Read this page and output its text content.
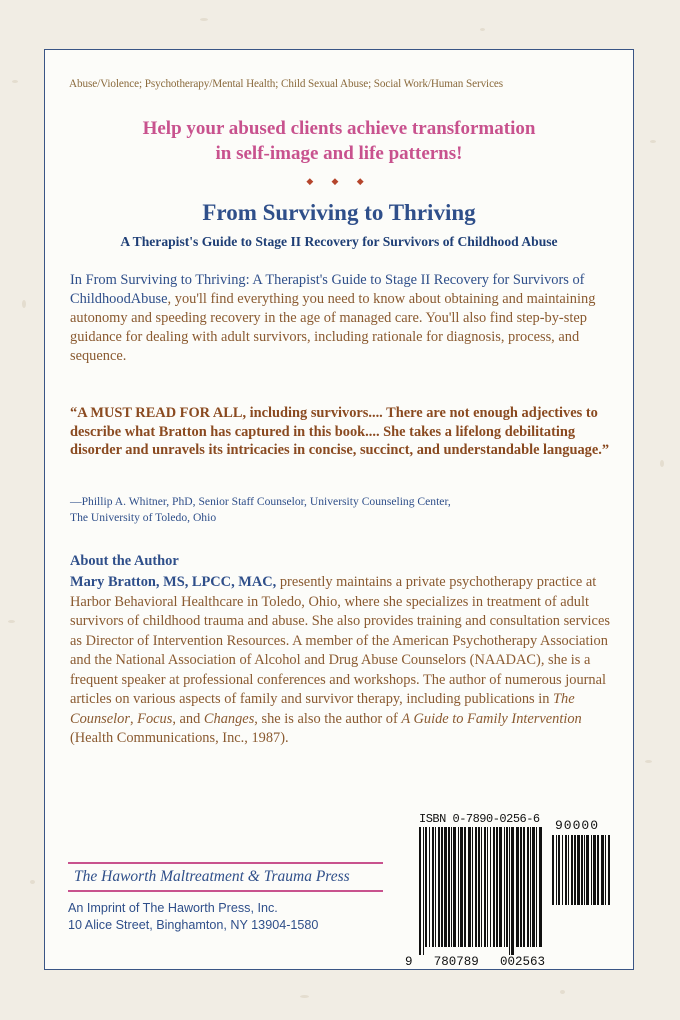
Abuse/Violence; Psychotherapy/Mental Health; Child Sexual Abuse; Social Work/Human Services
Help your abused clients achieve transformation
in self-image and life patterns!
◆ ◆ ◆
From Surviving to Thriving
A Therapist's Guide to Stage II Recovery for Survivors of Childhood Abuse
In From Surviving to Thriving: A Therapist's Guide to Stage II Recovery for Survivors of ChildhoodAbuse, you'll find everything you need to know about obtaining and maintaining autonomy and speeding recovery in the age of managed care. You'll also find step-by-step guidance for dealing with adult survivors, including rationale for diagnosis, process, and sequence.
“A MUST READ FOR ALL, including survivors.... There are not enough adjectives to describe what Bratton has captured in this book.... She takes a lifelong debilitating disorder and unravels its intricacies in concise, succinct, and understandable language.”
—Phillip A. Whitner, PhD, Senior Staff Counselor, University Counseling Center,
The University of Toledo, Ohio
About the Author
Mary Bratton, MS, LPCC, MAC, presently maintains a private psychotherapy practice at Harbor Behavioral Healthcare in Toledo, Ohio, where she specializes in treatment of adult survivors of childhood trauma and abuse. She also provides training and consultation services as Director of Intervention Resources. A member of the American Psychotherapy Association and the National Association of Alcohol and Drug Abuse Counselors (NAADAC), she is a frequent speaker at professional conferences and workshops. The author of numerous journal articles on various aspects of family and survivor therapy, including publications in The Counselor, Focus, and Changes, she is also the author of A Guide to Family Intervention (Health Communications, Inc., 1987).
The Haworth Maltreatment & Trauma Press
An Imprint of The Haworth Press, Inc.
10 Alice Street, Binghamton, NY 13904-1580
ISBN 0-7890-0256-6 90000
9 780789 002563
